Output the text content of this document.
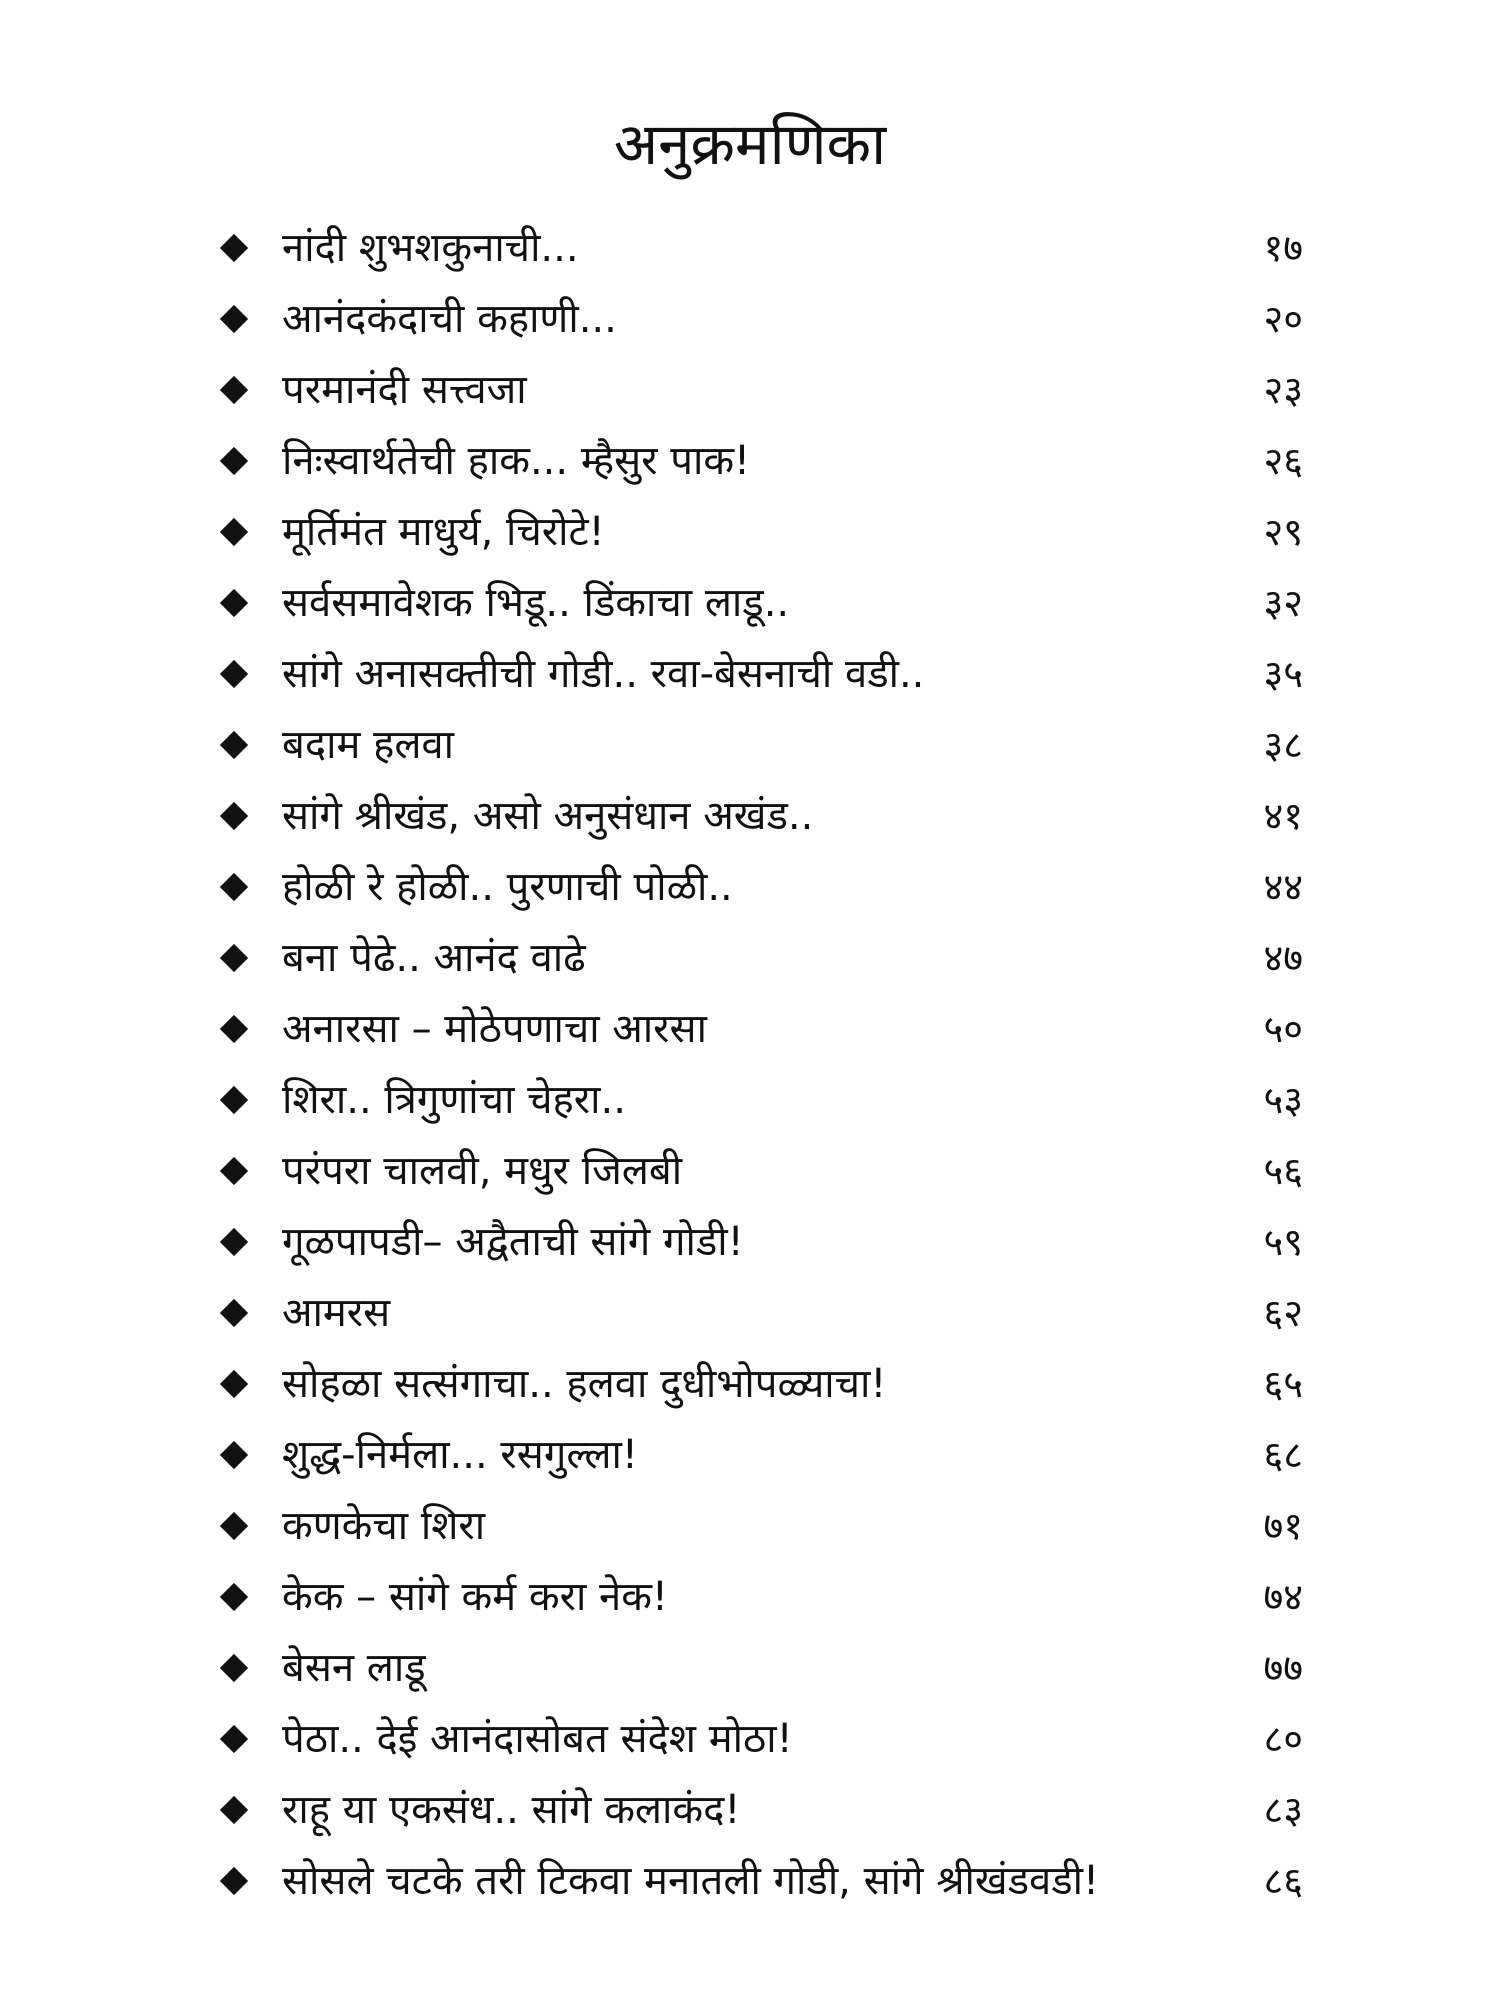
अनुक्रमणिका
नांदी शुभशकुनाची...	१७
आनंदकंदाची कहाणी...	२०
परमानंदी सत्त्वजा	२३
निःस्वार्थतेची हाक... म्हैसुर पाक!	२६
मूर्तिमंत माधुर्य, चिरोटे!	२९
सर्वसमावेशक भिडू.. डिंकाचा लाडू..	३२
सांगे अनासक्तीची गोडी.. रवा-बेसनाची वडी..	३५
बदाम हलवा	३८
सांगे श्रीखंड, असो अनुसंधान अखंड..	४१
होळी रे होळी.. पुरणाची पोळी..	४४
बना पेढे.. आनंद वाढे	४७
अनारसा – मोठेपणाचा आरसा	५०
शिरा.. त्रिगुणांचा चेहरा..	५३
परंपरा चालवी, मधुर जिलबी	५६
गूळपापडी– अद्वैताची सांगे गोडी!	५९
आमरस	६२
सोहळा सत्संगाचा.. हलवा दुधीभोपळ्याचा!	६५
शुद्ध-निर्मला... रसगुल्ला!	६८
कणकेचा शिरा	७१
केक – सांगे कर्म करा नेक!	७४
बेसन लाडू	७७
पेठा.. देई आनंदासोबत संदेश मोठा!	८०
राहू या एकसंध.. सांगे कलाकंद!	८३
सोसले चटके तरी टिकवा मनातली गोडी, सांगे श्रीखंडवडी!	८६
